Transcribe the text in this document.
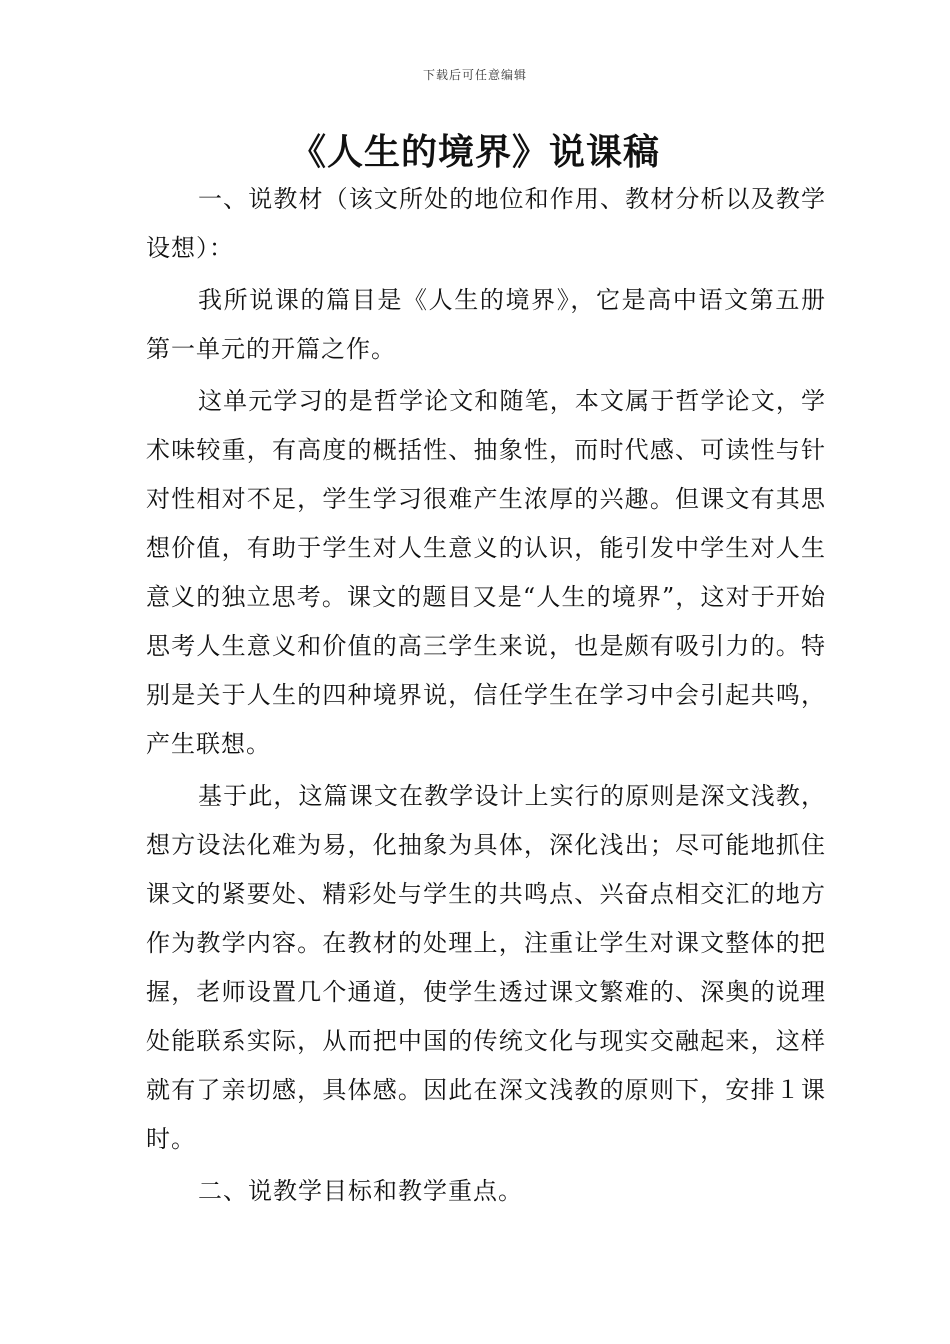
下载后可任意编辑
《人生的境界》说课稿

一、说教材（该文所处的地位和作用、教材分析以及教学设想）：

我所说课的篇目是《人生的境界》，它是高中语文第五册第一单元的开篇之作。

这单元学习的是哲学论文和随笔，本文属于哲学论文，学术味较重，有高度的概括性、抽象性，而时代感、可读性与针对性相对不足，学生学习很难产生浓厚的兴趣。但课文有其思想价值，有助于学生对人生意义的认识，能引发中学生对人生意义的独立思考。课文的题目又是“人生的境界”，这对于开始思考人生意义和价值的高三学生来说，也是颇有吸引力的。特别是关于人生的四种境界说，信任学生在学习中会引起共鸣，产生联想。

基于此，这篇课文在教学设计上实行的原则是深文浅教，想方设法化难为易，化抽象为具体，深化浅出；尽可能地抓住课文的紧要处、精彩处与学生的共鸣点、兴奋点相交汇的地方作为教学内容。在教材的处理上，注重让学生对课文整体的把握，老师设置几个通道，使学生透过课文繁难的、深奥的说理处能联系实际，从而把中国的传统文化与现实交融起来，这样就有了亲切感，具体感。因此在深文浅教的原则下，安排１课时。

二、说教学目标和教学重点。
